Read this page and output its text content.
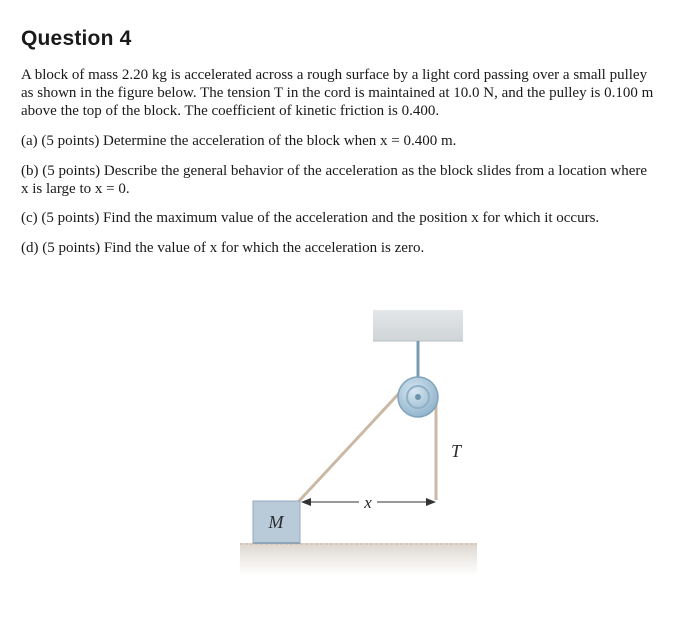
Question 4
A block of mass 2.20 kg is accelerated across a rough surface by a light cord passing over a small pulley
as shown in the figure below. The tension T in the cord is maintained at 10.0 N, and the pulley is 0.100 m
above the top of the block. The coefficient of kinetic friction is 0.400.
(a) (5 points) Determine the acceleration of the block when x = 0.400 m.
(b) (5 points) Describe the general behavior of the acceleration as the block slides from a location where
x is large to x = 0.
(c) (5 points) Find the maximum value of the acceleration and the position x for which it occurs.
(d) (5 points) Find the value of x for which the acceleration is zero.
M
x
T
